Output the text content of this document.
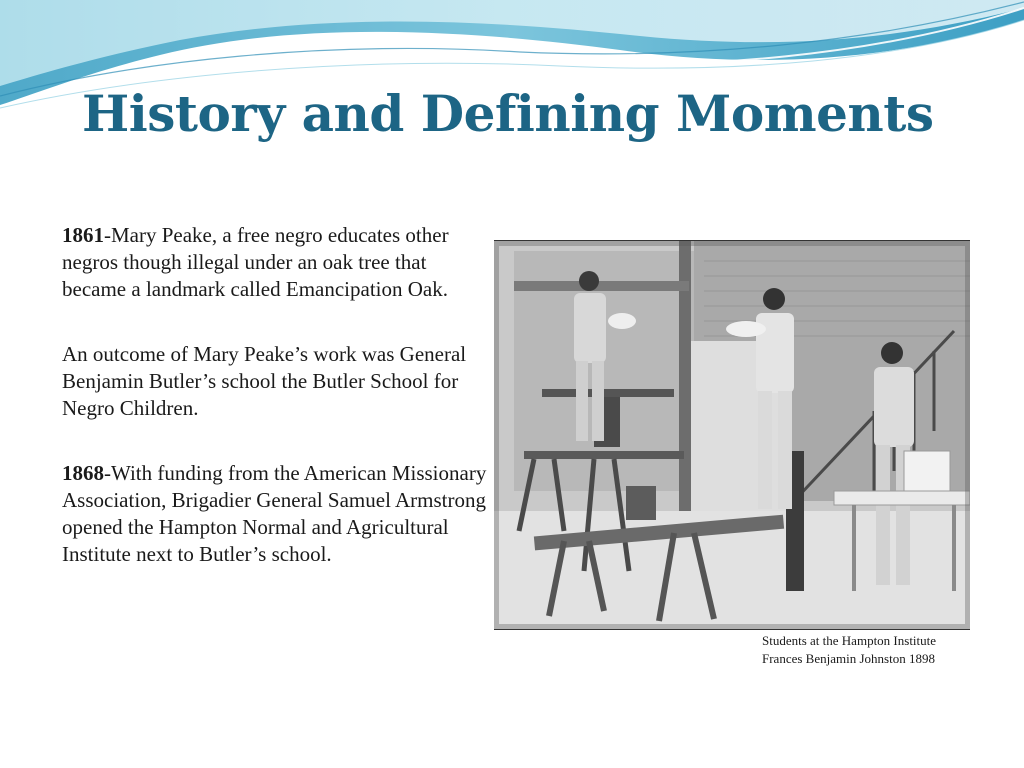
History and Defining Moments

1861-Mary Peake, a free negro educates other negros though illegal under an oak tree that became a landmark called Emancipation Oak.

An outcome of Mary Peake’s work was General Benjamin Butler’s school the Butler School for Negro Children.

1868-With funding from the American Missionary Association, Brigadier General Samuel Armstrong opened the Hampton Normal and Agricultural Institute next to Butler’s school.

Students at the Hampton Institute
Frances Benjamin Johnston 1898
